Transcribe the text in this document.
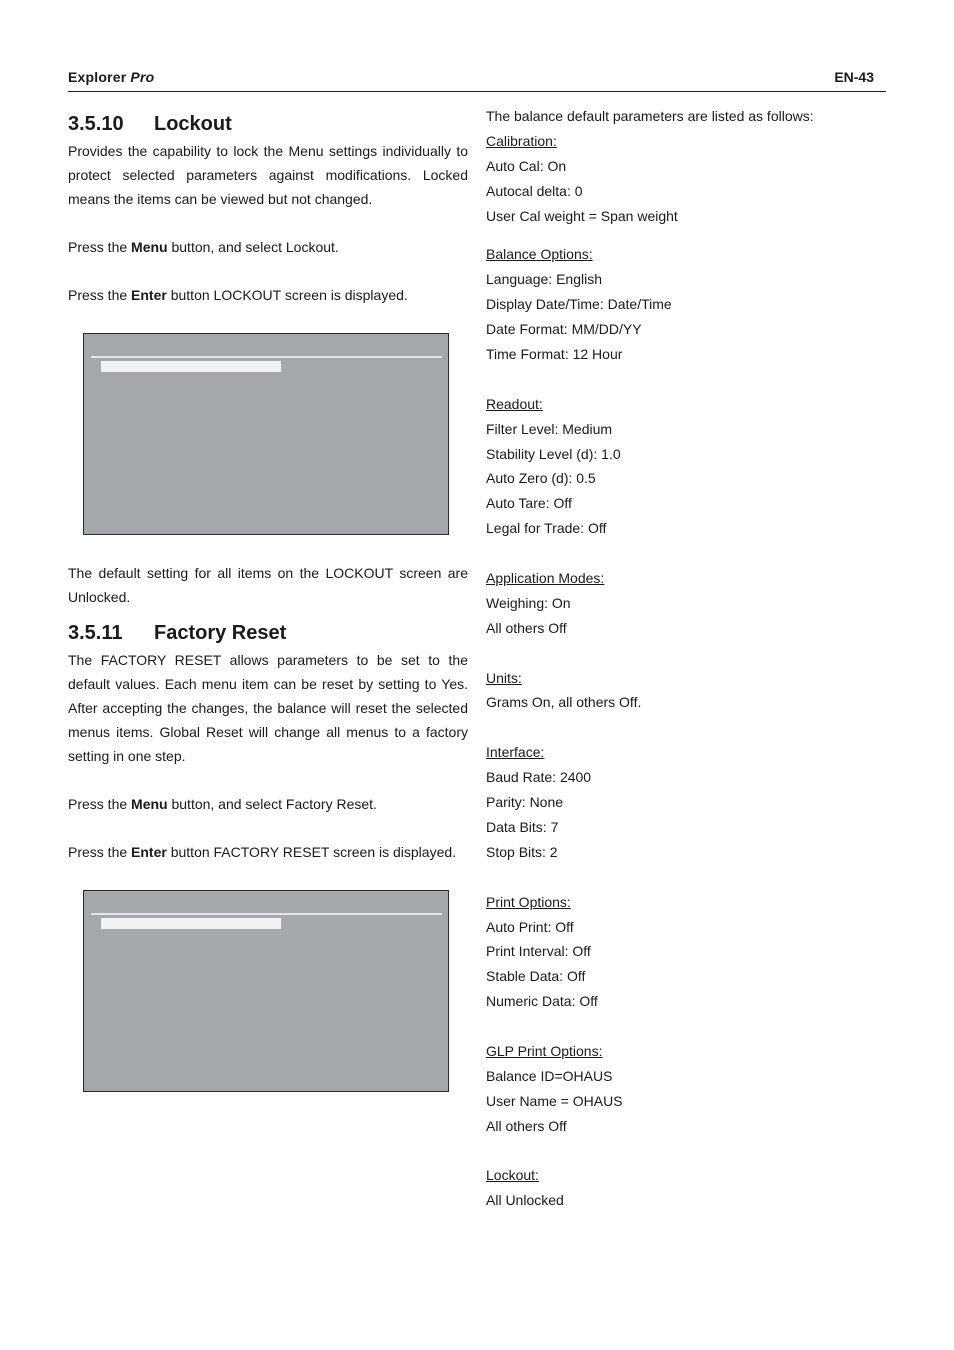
Explorer Pro	EN-43
3.5.10 Lockout

Provides the capability to lock the Menu settings individually to protect selected parameters against modifications. Locked means the items can be viewed but not changed.

Press the Menu button, and select Lockout.

Press the Enter button LOCKOUT screen is displayed.

The default setting for all items on the LOCKOUT screen are Unlocked.

3.5.11 Factory Reset

The FACTORY RESET allows parameters to be set to the default values. Each menu item can be reset by setting to Yes. After accepting the changes, the balance will reset the selected menus items. Global Reset will change all menus to a factory setting in one step.

Press the Menu button, and select Factory Reset.

Press the Enter button FACTORY RESET screen is displayed.

The balance default parameters are listed as follows:
Calibration:
Auto Cal: On
Autocal delta: 0
User Cal weight = Span weight
Balance Options:
Language: English
Display Date/Time: Date/Time
Date Format: MM/DD/YY
Time Format: 12 Hour
Readout:
Filter Level: Medium
Stability Level (d): 1.0
Auto Zero (d): 0.5
Auto Tare: Off
Legal for Trade: Off
Application Modes:
Weighing: On
All others Off
Units:
Grams On, all others Off.
Interface:
Baud Rate: 2400
Parity: None
Data Bits: 7
Stop Bits: 2
Print Options:
Auto Print: Off
Print Interval: Off
Stable Data: Off
Numeric Data: Off
GLP Print Options:
Balance ID=OHAUS
User Name = OHAUS
All others Off
Lockout:
All Unlocked
